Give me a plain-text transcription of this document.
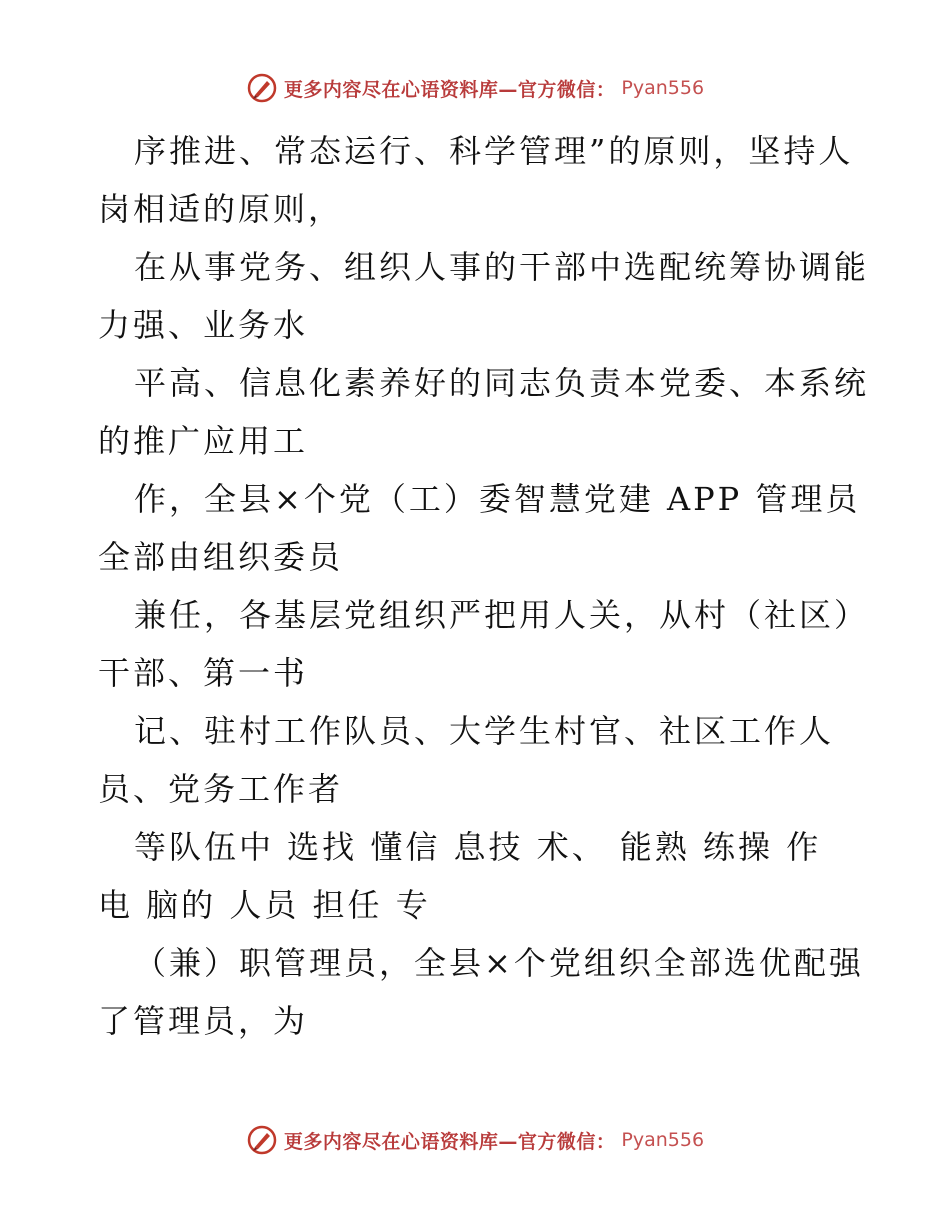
更多内容尽在心语资料库—官方微信： Pyan556

序推进、常态运行、科学管理”的原则，坚持人
岗相适的原则，

在从事党务、组织人事的干部中选配统筹协调能
力强、业务水

平高、信息化素养好的同志负责本党委、本系统
的推广应用工

作，全县×个党（工）委智慧党建 APP 管理员
全部由组织委员

兼任，各基层党组织严把用人关，从村（社区）
干部、第一书

记、驻村工作队员、大学生村官、社区工作人
员、党务工作者

等队伍中 选找 懂信 息技 术、 能熟 练操 作
电 脑的 人员 担任 专

（兼）职管理员，全县×个党组织全部选优配强
了管理员，为

更多内容尽在心语资料库—官方微信： Pyan556
